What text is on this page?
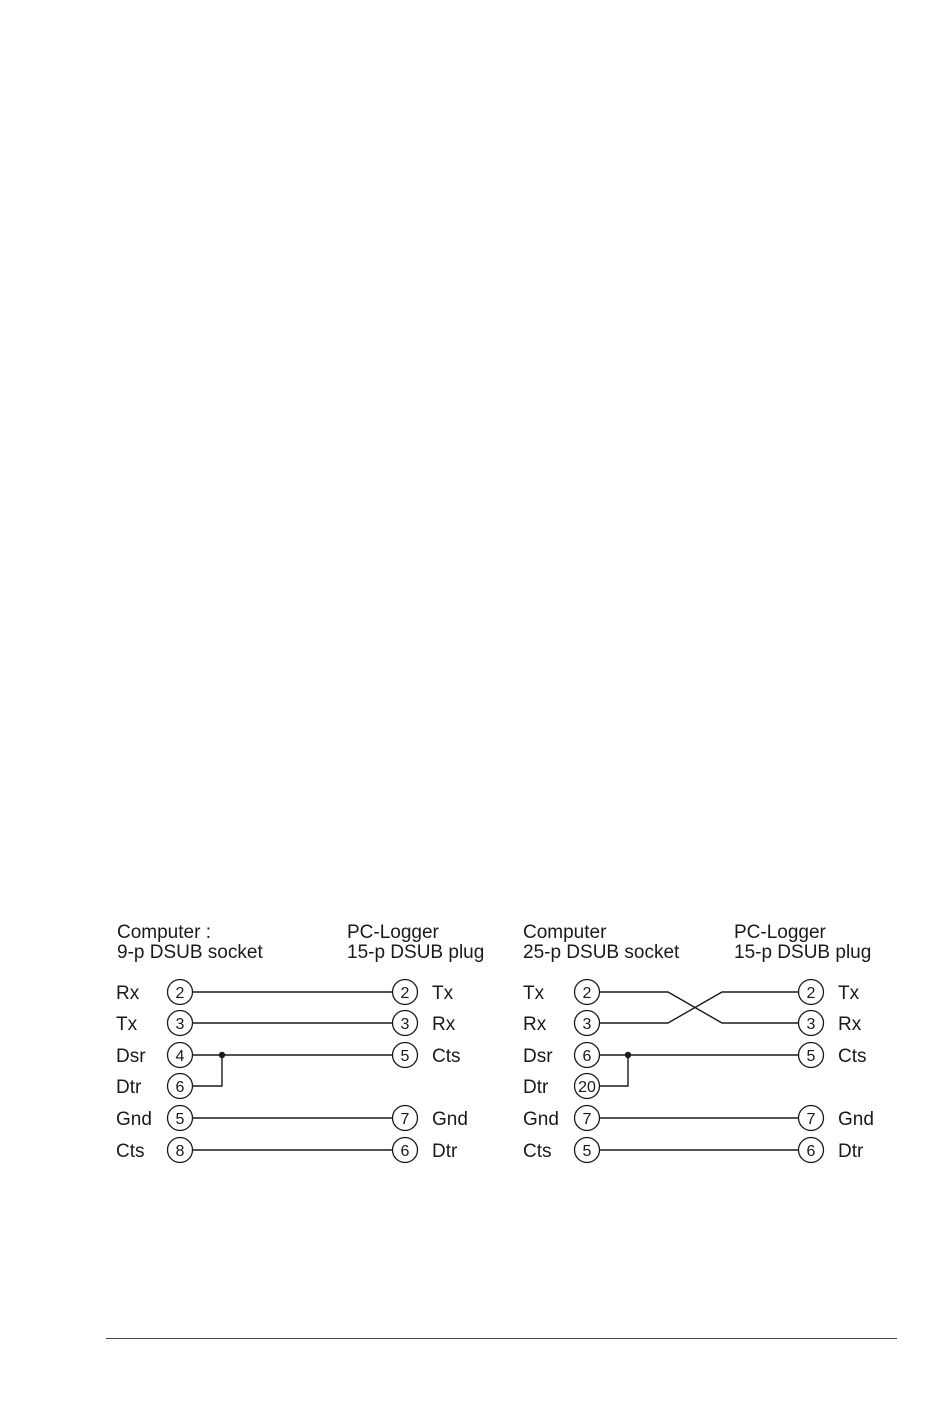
Computer :
9-p DSUB socket
PC-Logger
15-p DSUB plug
Rx 2
Tx 3
Dsr 4
Dtr 6
Gnd 5
Cts 8
2 Tx
3 Rx
5 Cts
7 Gnd
6 Dtr
Computer
25-p DSUB socket
PC-Logger
15-p DSUB plug
Tx 2
Rx 3
Dsr 6
Dtr 20
Gnd 7
Cts 5
2 Tx
3 Rx
5 Cts
7 Gnd
6 Dtr
